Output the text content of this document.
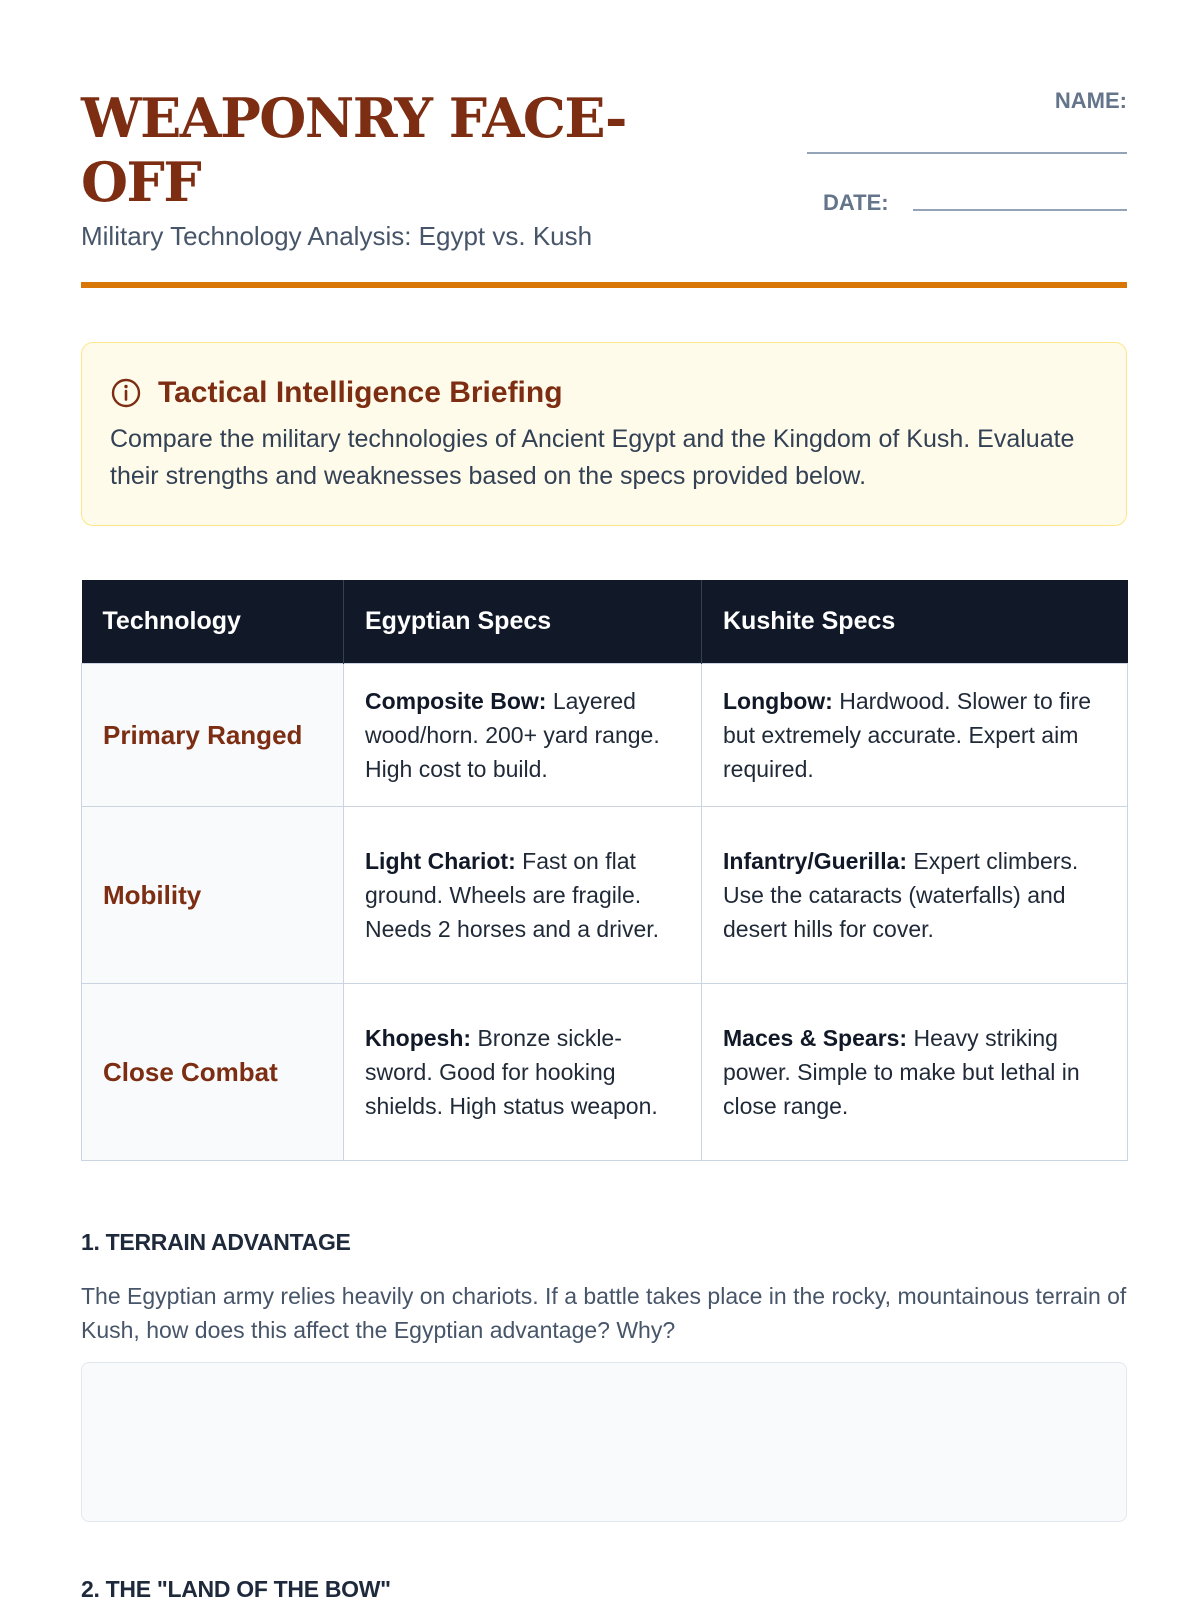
WEAPONRY FACE-OFF
Military Technology Analysis: Egypt vs. Kush
NAME:
DATE:
Tactical Intelligence Briefing
Compare the military technologies of Ancient Egypt and the Kingdom of Kush. Evaluate their strengths and weaknesses based on the specs provided below.
Technology	Egyptian Specs	Kushite Specs
Primary Ranged	Composite Bow: Layered wood/horn. 200+ yard range. High cost to build.	Longbow: Hardwood. Slower to fire but extremely accurate. Expert aim required.
Mobility	Light Chariot: Fast on flat ground. Wheels are fragile. Needs 2 horses and a driver.	Infantry/Guerilla: Expert climbers. Use the cataracts (waterfalls) and desert hills for cover.
Close Combat	Khopesh: Bronze sickle-sword. Good for hooking shields. High status weapon.	Maces & Spears: Heavy striking power. Simple to make but lethal in close range.
1. TERRAIN ADVANTAGE
The Egyptian army relies heavily on chariots. If a battle takes place in the rocky, mountainous terrain of Kush, how does this affect the Egyptian advantage? Why?
2. THE "LAND OF THE BOW"
